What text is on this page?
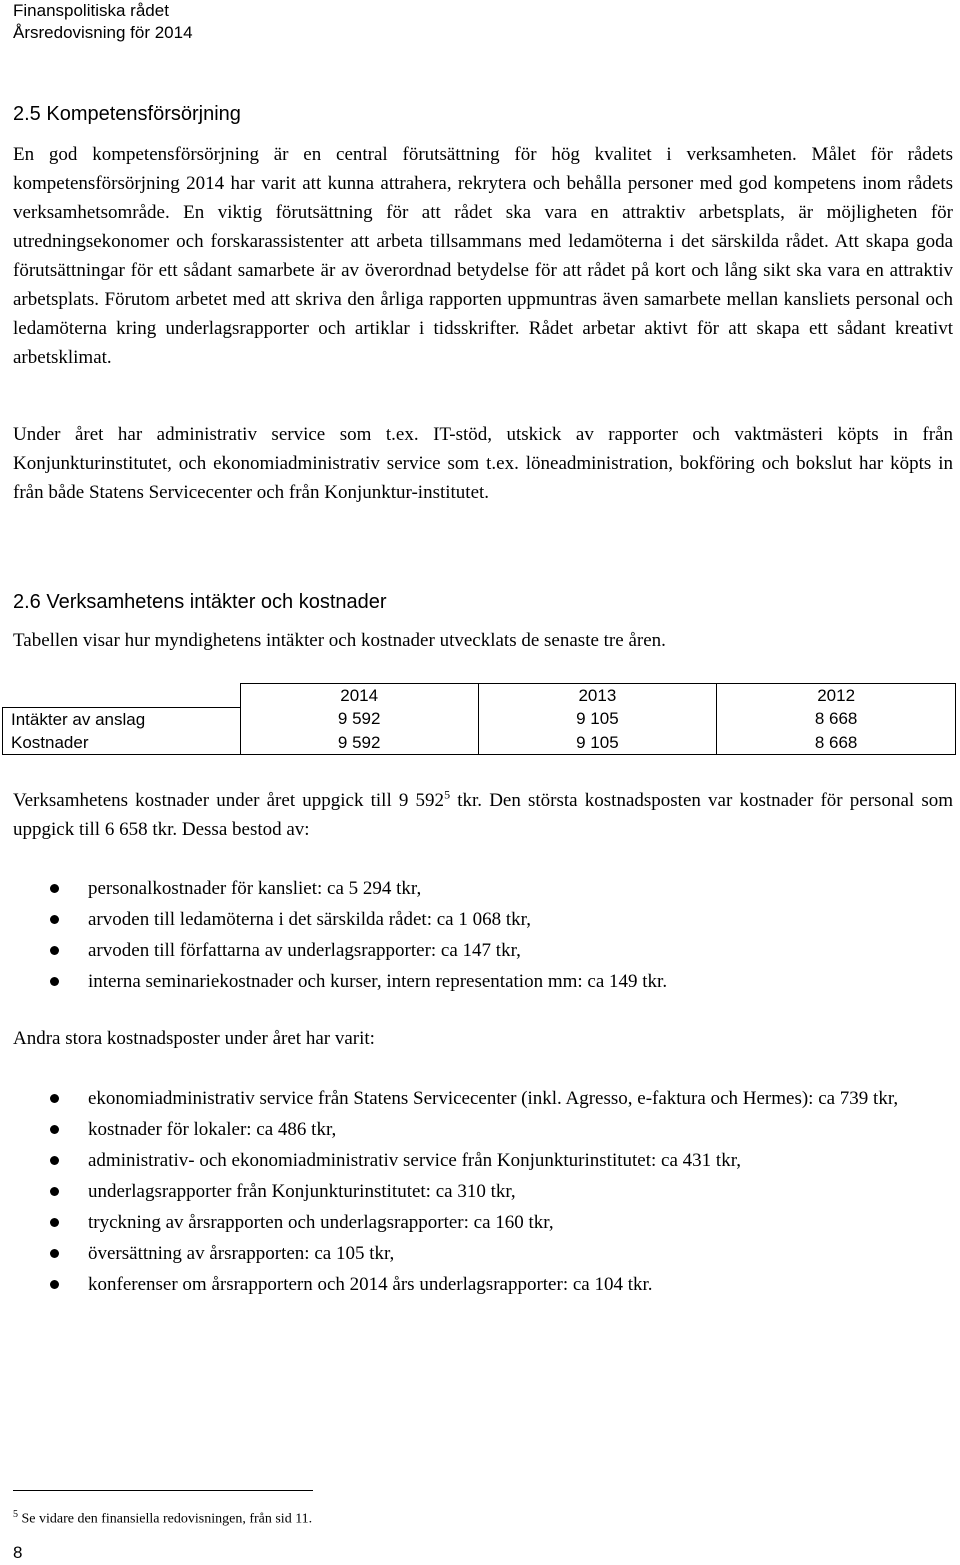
Finanspolitiska rådet
Årsredovisning för 2014
2.5 Kompetensförsörjning
En god kompetensförsörjning är en central förutsättning för hög kvalitet i verksamheten. Målet för rådets kompetensförsörjning 2014 har varit att kunna attrahera, rekrytera och behålla personer med god kompetens inom rådets verksamhetsområde. En viktig förutsättning för att rådet ska vara en attraktiv arbetsplats, är möjligheten för utredningsekonomer och forskarassistenter att arbeta tillsammans med ledamöterna i det särskilda rådet. Att skapa goda förutsättningar för ett sådant samarbete är av överordnad betydelse för att rådet på kort och lång sikt ska vara en attraktiv arbetsplats. Förutom arbetet med att skriva den årliga rapporten uppmuntras även samarbete mellan kansliets personal och ledamöterna kring underlagsrapporter och artiklar i tidsskrifter. Rådet arbetar aktivt för att skapa ett sådant kreativt arbetsklimat.
Under året har administrativ service som t.ex. IT-stöd, utskick av rapporter och vaktmästeri köpts in från Konjunkturinstitutet, och ekonomiadministrativ service som t.ex. löneadministration, bokföring och bokslut har köpts in från både Statens Servicecenter och från Konjunktur-institutet.
2.6 Verksamhetens intäkter och kostnader
Tabellen visar hur myndighetens intäkter och kostnader utvecklats de senaste tre åren.
	2014	2013	2012
Intäkter av anslag	9 592	9 105	8 668
Kostnader	9 592	9 105	8 668
Verksamhetens kostnader under året uppgick till 9 592$^5$ tkr. Den största kostnadsposten var kostnader för personal som uppgick till 6 658 tkr. Dessa bestod av:
personalkostnader för kansliet: ca 5 294 tkr,
arvoden till ledamöterna i det särskilda rådet: ca 1 068 tkr,
arvoden till författarna av underlagsrapporter: ca 147 tkr,
interna seminariekostnader och kurser, intern representation mm: ca 149 tkr.
Andra stora kostnadsposter under året har varit:
ekonomiadministrativ service från Statens Servicecenter (inkl. Agresso, e-faktura och Hermes): ca 739 tkr,
kostnader för lokaler: ca 486 tkr,
administrativ- och ekonomiadministrativ service från Konjunkturinstitutet: ca 431 tkr,
underlagsrapporter från Konjunkturinstitutet: ca 310 tkr,
tryckning av årsrapporten och underlagsrapporter: ca 160 tkr,
översättning av årsrapporten: ca 105 tkr,
konferenser om årsrapportern och 2014 års underlagsrapporter: ca 104 tkr.
$^5$ Se vidare den finansiella redovisningen, från sid 11.
8
